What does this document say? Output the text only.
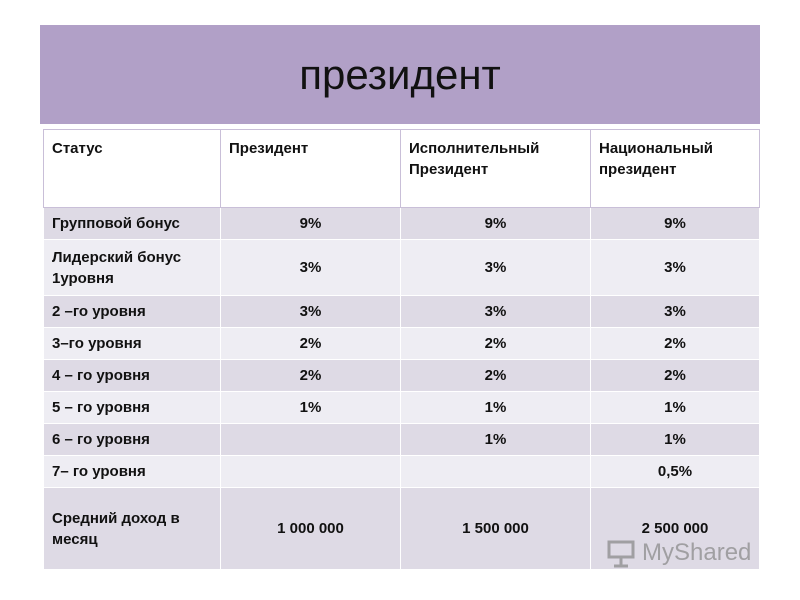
президент
Статус	Президент	Исполнительный Президент	Национальный президент
Групповой бонус	9%	9%	9%
Лидерский бонус 1уровня	3%	3%	3%
2 –го уровня	3%	3%	3%
3–го уровня	2%	2%	2%
4 – го уровня	2%	2%	2%
5 – го уровня	1%	1%	1%
6 – го уровня		1%	1%
7– го уровня			0,5%
Средний доход в месяц	1 000 000	1 500 000	2 500 000
MyShared
